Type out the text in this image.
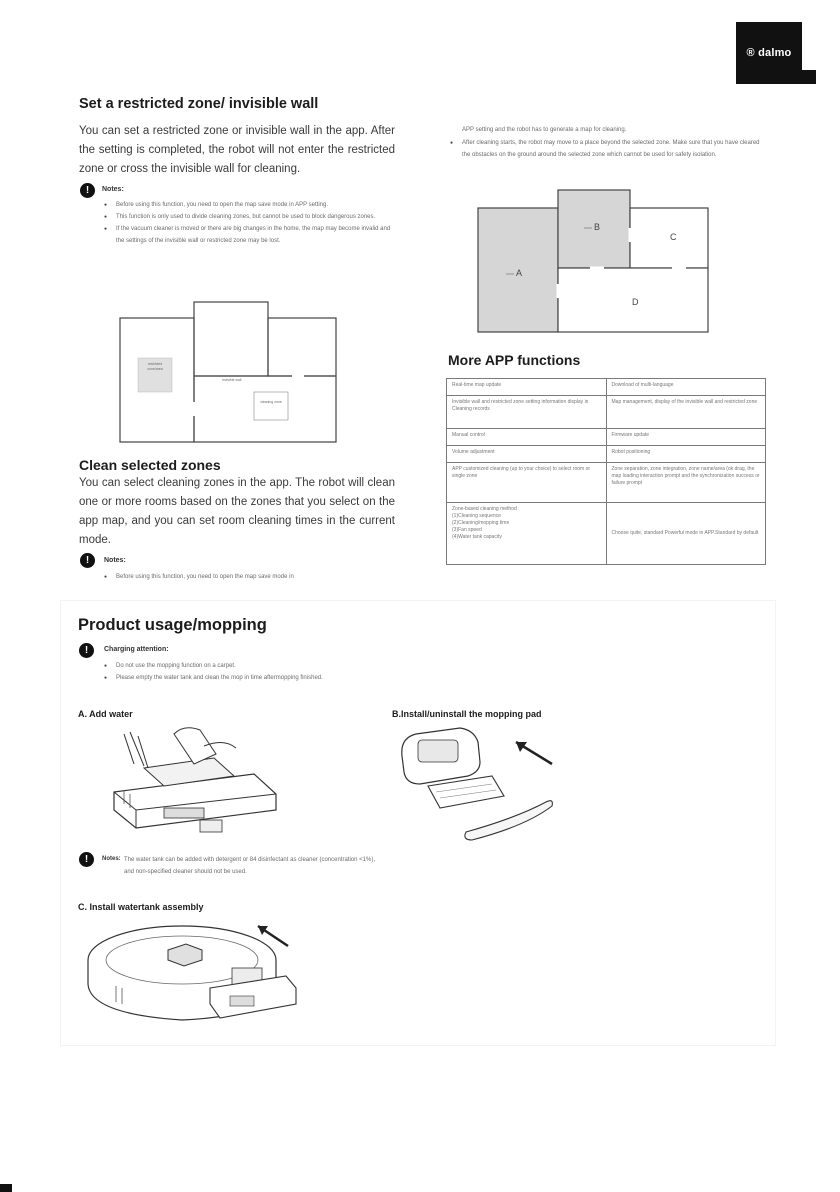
® dalmo
Set a restricted zone/ invisible wall
You can set a restricted zone or invisible wall in the app. After the setting is completed, the robot will not enter the restricted zone or cross the invisible wall for cleaning.
!	Notes:
● Before using this function, you need to open the map save mode in APP setting.
● This function is only used to divide cleaning zones, but cannot be used to block dangerous zones.
● If the vacuum cleaner is moved or there are big changes in the home, the map may become invalid and the settings of the invisible wall or restricted zone may be lost.
restricted zone/area
invisible wall
cleaning zone
Clean selected zones
You can select cleaning zones in the app. The robot will clean one or more rooms based on the zones that you select on the app map, and you can set room cleaning times in the current mode.
!	Notes:
● Before using this function, you need to open the map save mode in
APP setting and the robot has to generate a map for cleaning.
● After cleaning starts, the robot may move to a place beyond the selected zone. Make sure that you have cleared the obstacles on the ground around the selected zone which cannot be used for safety isolation.
A
B
C
D
More APP functions
Real-time map update	Download of multi-language
Invisible wall and restricted zone setting information display in Cleaning records	Map management, display of the invisible wall and restricted zone
Manual control	Firmware update
Volume adjustment	Robot positioning
APP customized cleaning (up to your choice) to select room or single zone	Zone separation, zone integration, zone name/area (ok drag, the map loading interaction prompt and the synchronization success or failure prompt
Zone-based cleaning method
(1)Cleaning sequence
(2)Cleaning/mopping time
(3)Fan speed
(4)Water tank capacity	Choose quite, standard Powerful mode in APP.Standard by default
Product usage/mopping
!	Charging attention:
● Do not use the mopping function on a carpet.
● Please empty the water tank and clean the mop in time aftermopping finished.
A. Add water	B.Install/uninstall the mopping pad
!	Notes: The water tank can be added with detergent or 84 disinfectant as cleaner (concentration <1%), and non-specified cleaner should not be used.
C. Install watertank assembly
